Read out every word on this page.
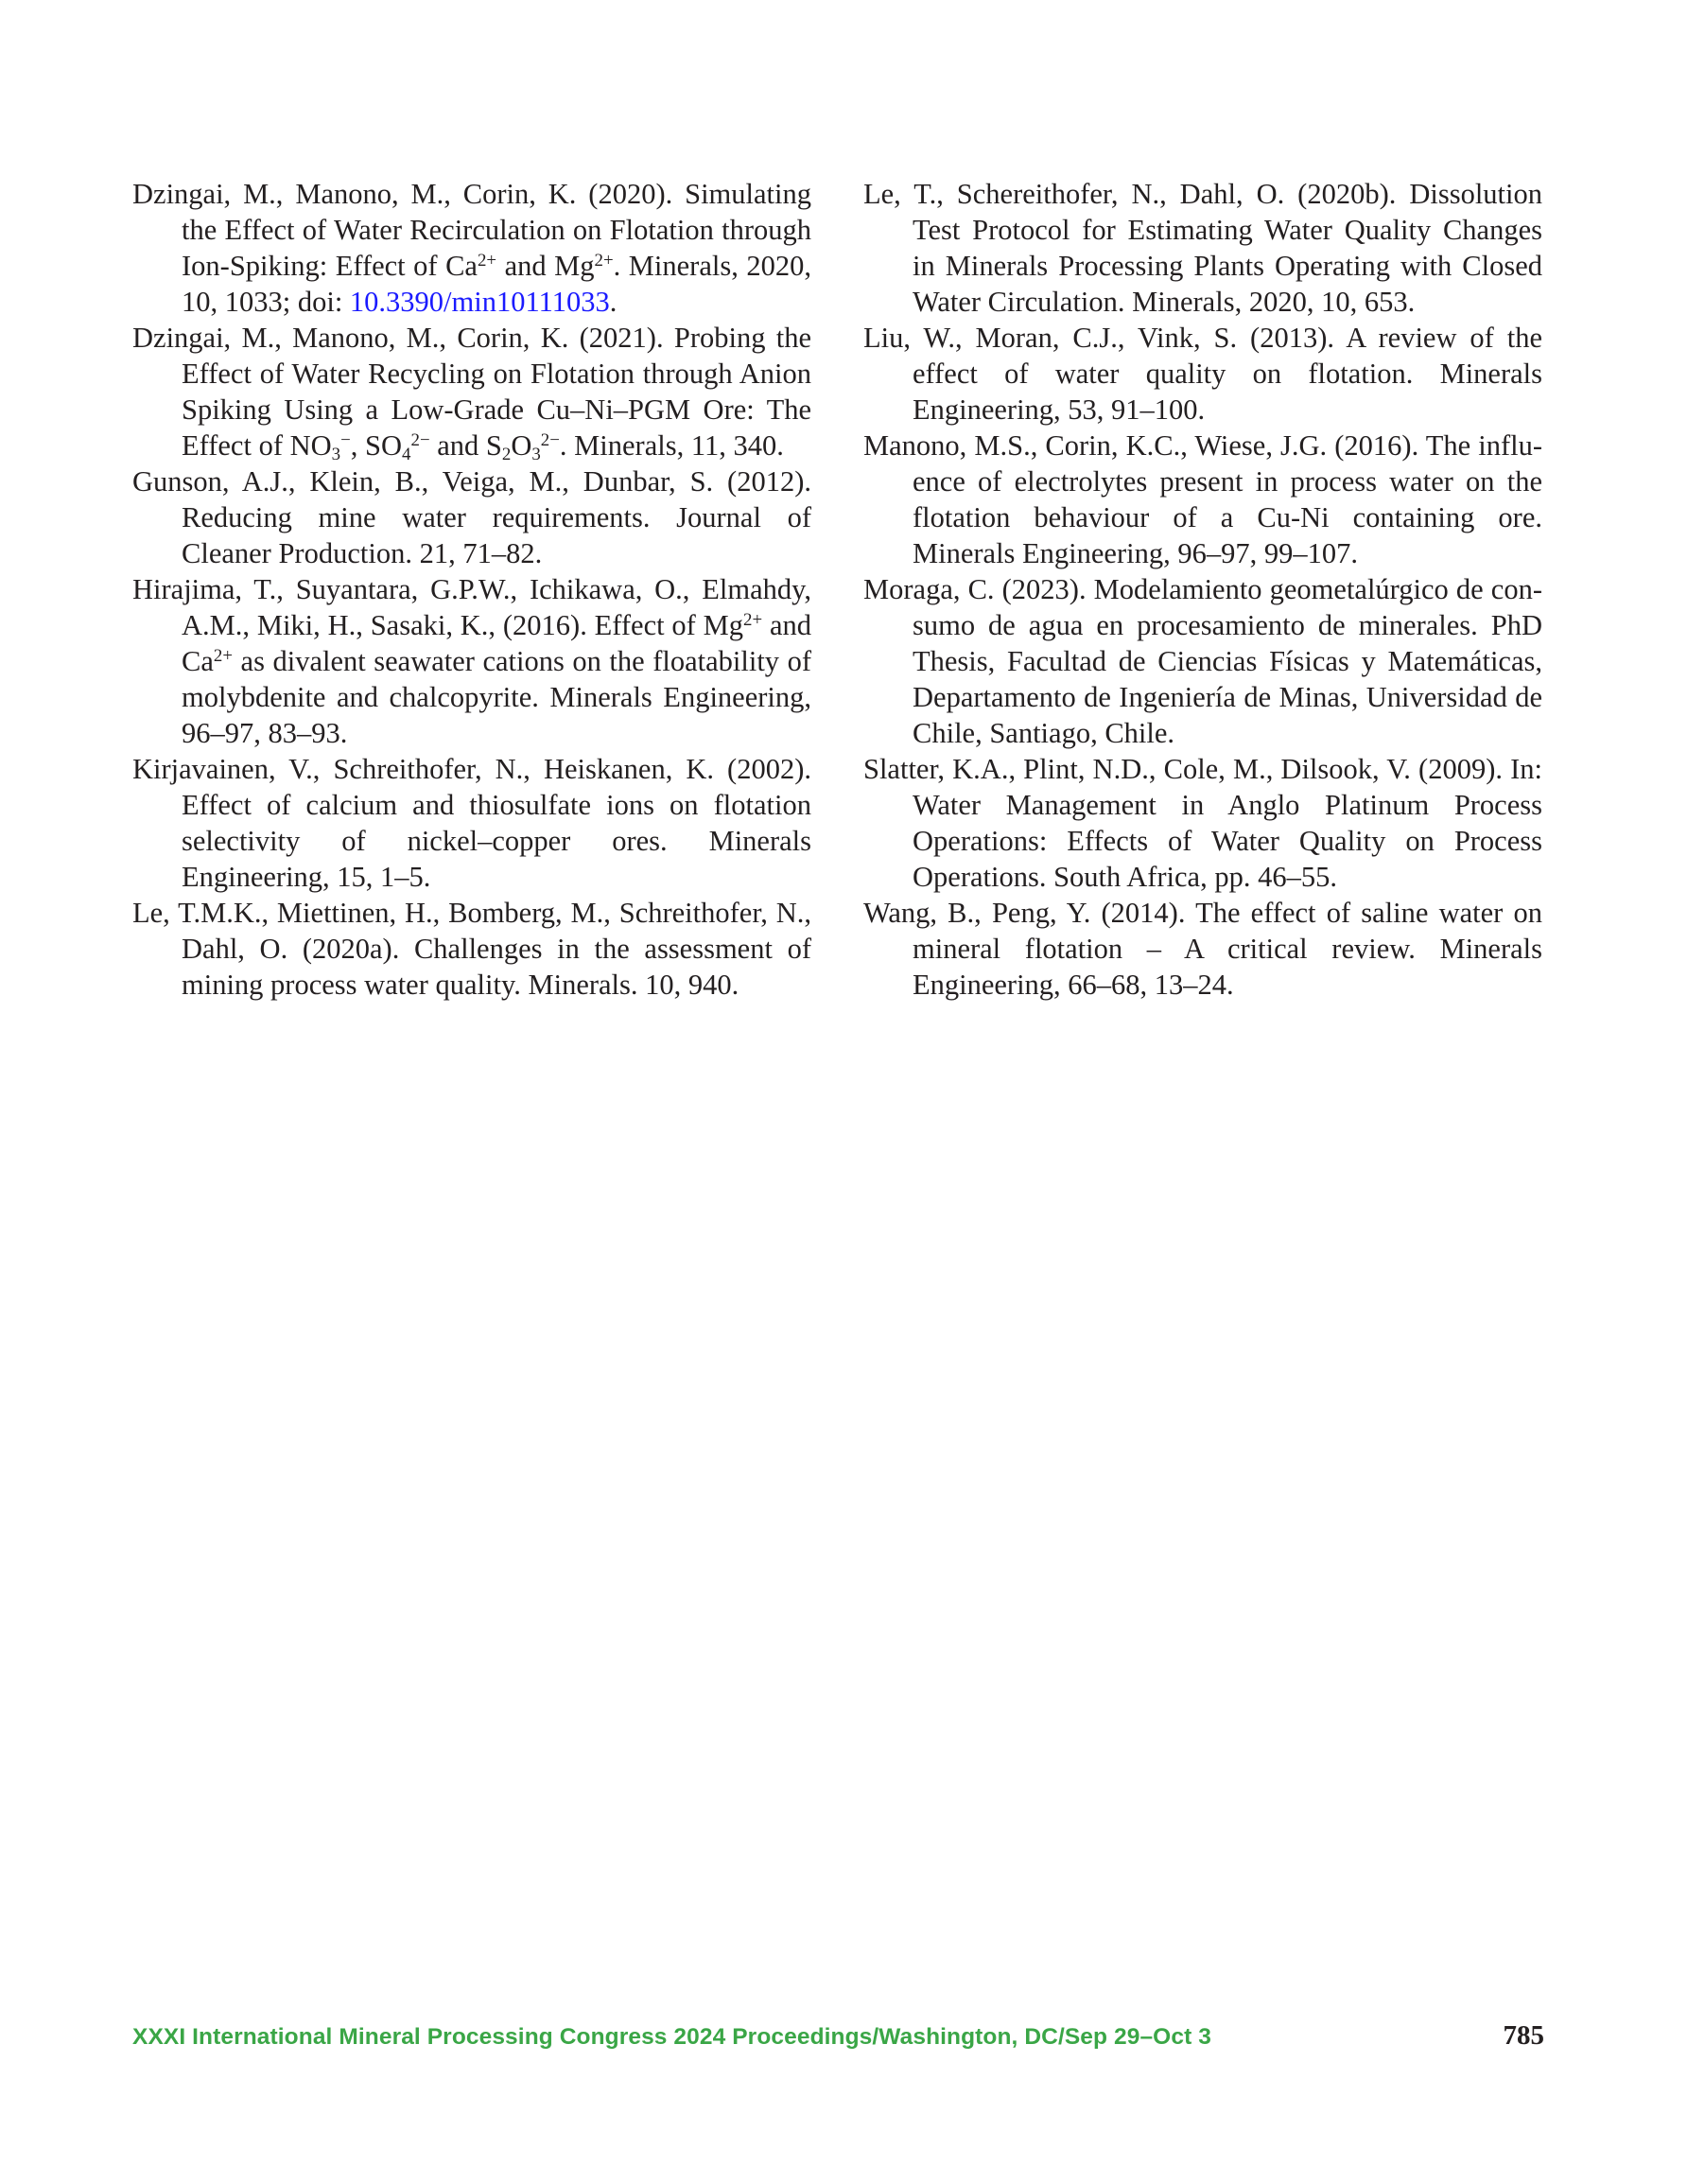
Dzingai, M., Manono, M., Corin, K. (2020). Simulating the Effect of Water Recirculation on Flotation through Ion-Spiking: Effect of $Ca^{2+}$ and $Mg^{2+}$. Minerals, 2020, 10, 1033; doi: 10.3390/min10111033.

Dzingai, M., Manono, M., Corin, K. (2021). Probing the Effect of Water Recycling on Flotation through Anion Spiking Using a Low-Grade Cu–Ni–PGM Ore: The Effect of $NO_3^-$, $SO_4^{2-}$ and $S_2O_3^{2-}$. Minerals, 11, 340.

Gunson, A.J., Klein, B., Veiga, M., Dunbar, S. (2012). Reducing mine water requirements. Journal of Cleaner Production. 21, 71–82.

Hirajima, T., Suyantara, G.P.W., Ichikawa, O., Elmahdy, A.M., Miki, H., Sasaki, K., (2016). Effect of $Mg^{2+}$ and $Ca^{2+}$ as divalent seawater cations on the floatability of molybdenite and chalcopyrite. Minerals Engineering, 96–97, 83–93.

Kirjavainen, V., Schreithofer, N., Heiskanen, K. (2002). Effect of calcium and thiosulfate ions on flotation selectivity of nickel–copper ores. Minerals Engineering, 15, 1–5.

Le, T.M.K., Miettinen, H., Bomberg, M., Schreithofer, N., Dahl, O. (2020a). Challenges in the assessment of mining process water quality. Minerals. 10, 940.

Le, T., Schereithofer, N., Dahl, O. (2020b). Dissolution Test Protocol for Estimating Water Quality Changes in Minerals Processing Plants Operating with Closed Water Circulation. Minerals, 2020, 10, 653.

Liu, W., Moran, C.J., Vink, S. (2013). A review of the effect of water quality on flotation. Minerals Engineering, 53, 91–100.

Manono, M.S., Corin, K.C., Wiese, J.G. (2016). The influence of electrolytes present in process water on the flotation behaviour of a Cu-Ni containing ore. Minerals Engineering, 96–97, 99–107.

Moraga, C. (2023). Modelamiento geometalúrgico de consumo de agua en procesamiento de minerales. PhD Thesis, Facultad de Ciencias Físicas y Matemáticas, Departamento de Ingeniería de Minas, Universidad de Chile, Santiago, Chile.

Slatter, K.A., Plint, N.D., Cole, M., Dilsook, V. (2009). In: Water Management in Anglo Platinum Process Operations: Effects of Water Quality on Process Operations. South Africa, pp. 46–55.

Wang, B., Peng, Y. (2014). The effect of saline water on mineral flotation – A critical review. Minerals Engineering, 66–68, 13–24.

XXXI International Mineral Processing Congress 2024 Proceedings/Washington, DC/Sep 29–Oct 3	785
